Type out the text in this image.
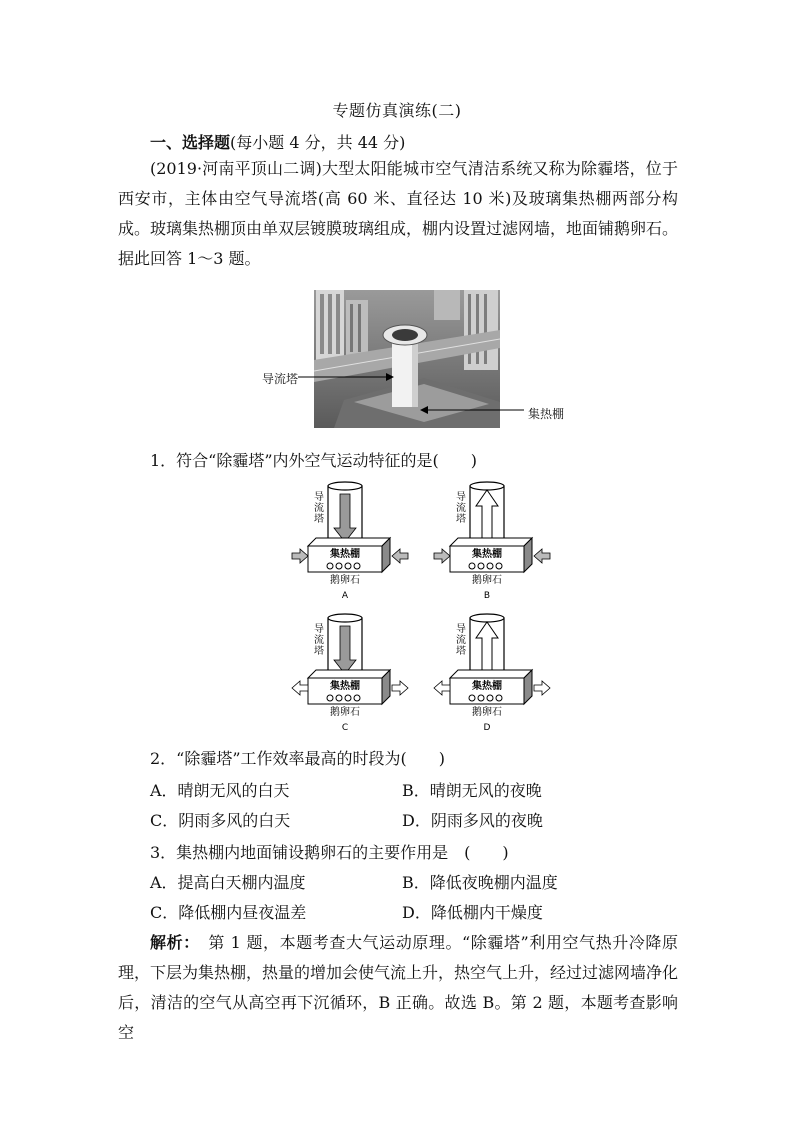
专题仿真演练(二)
一、选择题(每小题 4 分，共 44 分)
(2019·河南平顶山二调)大型太阳能城市空气清洁系统又称为除霾塔，位于西安市，主体由空气导流塔(高 60 米、直径达 10 米)及玻璃集热棚两部分构成。玻璃集热棚顶由单双层镀膜玻璃组成，棚内设置过滤网墙，地面铺鹅卵石。据此回答 1～3 题。
导流塔
集热棚
1．符合“除霾塔”内外空气运动特征的是(　　)
导
流
塔
集热棚
鹅卵石
A
导
流
塔
集热棚
鹅卵石
B
导
流
塔
集热棚
鹅卵石
C
导
流
塔
集热棚
鹅卵石
D
2．“除霾塔”工作效率最高的时段为(　　)
A．晴朗无风的白天	B．晴朗无风的夜晚
C．阴雨多风的白天	D．阴雨多风的夜晚
3．集热棚内地面铺设鹅卵石的主要作用是　(　　)
A．提高白天棚内温度	B．降低夜晚棚内温度
C．降低棚内昼夜温差	D．降低棚内干燥度
解析：　第 1 题，本题考查大气运动原理。“除霾塔”利用空气热升冷降原理，下层为集热棚，热量的增加会使气流上升，热空气上升，经过过滤网墙净化后，清洁的空气从高空再下沉循环，B 正确。故选 B。第 2 题，本题考查影响空
